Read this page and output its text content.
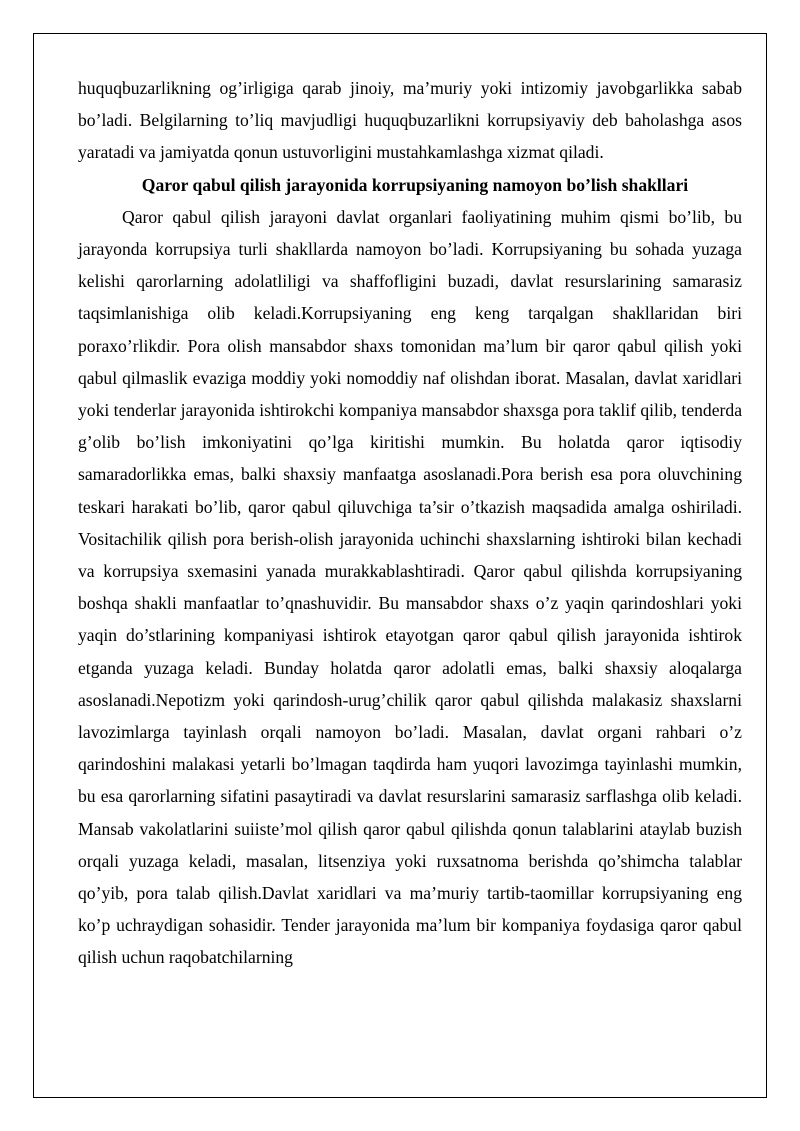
huquqbuzarlikning og’irligiga qarab jinoiy, ma’muriy yoki intizomiy javobgarlikka sabab bo’ladi. Belgilarning to’liq mavjudligi huquqbuzarlikni korrupsiyaviy deb baholashga asos yaratadi va jamiyatda qonun ustuvorligini mustahkamlashga xizmat qiladi.

Qaror qabul qilish jarayonida korrupsiyaning namoyon bo’lish shakllari

Qaror qabul qilish jarayoni davlat organlari faoliyatining muhim qismi bo’lib, bu jarayonda korrupsiya turli shakllarda namoyon bo’ladi. Korrupsiyaning bu sohada yuzaga kelishi qarorlarning adolatliligi va shaffofligini buzadi, davlat resurslarining samarasiz taqsimlanishiga olib keladi.Korrupsiyaning eng keng tarqalgan shakllaridan biri poraxo’rlikdir. Pora olish mansabdor shaxs tomonidan ma’lum bir qaror qabul qilish yoki qabul qilmaslik evaziga moddiy yoki nomoddiy naf olishdan iborat. Masalan, davlat xaridlari yoki tenderlar jarayonida ishtirokchi kompaniya mansabdor shaxsga pora taklif qilib, tenderda g’olib bo’lish imkoniyatini qo’lga kiritishi mumkin. Bu holatda qaror iqtisodiy samaradorlikka emas, balki shaxsiy manfaatga asoslanadi.Pora berish esa pora oluvchining teskari harakati bo’lib, qaror qabul qiluvchiga ta’sir o’tkazish maqsadida amalga oshiriladi. Vositachilik qilish pora berish-olish jarayonida uchinchi shaxslarning ishtiroki bilan kechadi va korrupsiya sxemasini yanada murakkablashtiradi. Qaror qabul qilishda korrupsiyaning boshqa shakli manfaatlar to’qnashuvidir. Bu mansabdor shaxs o’z yaqin qarindoshlari yoki yaqin do’stlarining kompaniyasi ishtirok etayotgan qaror qabul qilish jarayonida ishtirok etganda yuzaga keladi. Bunday holatda qaror adolatli emas, balki shaxsiy aloqalarga asoslanadi.Nepotizm yoki qarindosh-urug’chilik qaror qabul qilishda malakasiz shaxslarni lavozimlarga tayinlash orqali namoyon bo’ladi. Masalan, davlat organi rahbari o’z qarindoshini malakasi yetarli bo’lmagan taqdirda ham yuqori lavozimga tayinlashi mumkin, bu esa qarorlarning sifatini pasaytiradi va davlat resurslarini samarasiz sarflashga olib keladi. Mansab vakolatlarini suiiste’mol qilish qaror qabul qilishda qonun talablarini ataylab buzish orqali yuzaga keladi, masalan, litsenziya yoki ruxsatnoma berishda qo’shimcha talablar qo’yib, pora talab qilish.Davlat xaridlari va ma’muriy tartib-taomillar korrupsiyaning eng ko’p uchraydigan sohasidir. Tender jarayonida ma’lum bir kompaniya foydasiga qaror qabul qilish uchun raqobatchilarning
